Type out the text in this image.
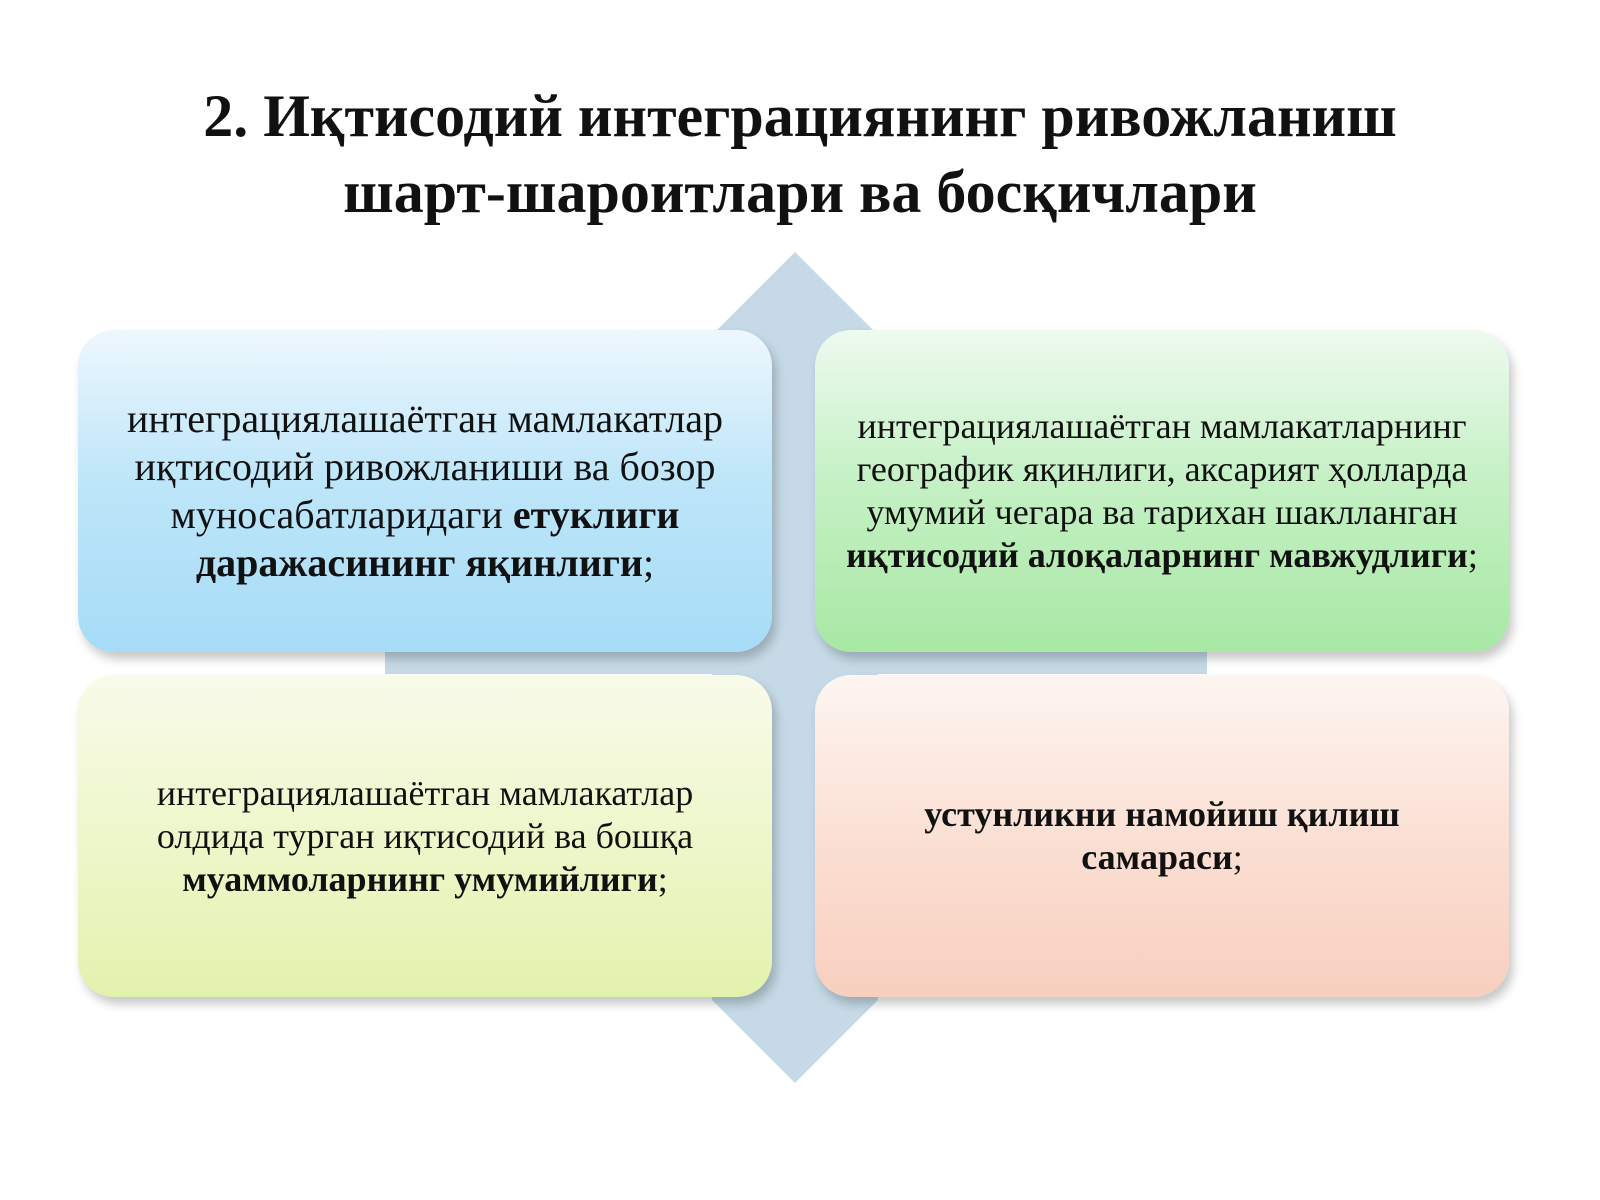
2. Иқтисодий интеграциянинг ривожланиш
шарт-шароитлари ва босқичлари
интеграциялашаётган мамлакатлар иқтисодий ривожланиши ва бозор муносабатларидаги етуклиги даражасининг яқинлиги;
интеграциялашаётган мамлакатларнинг географик яқинлиги, аксарият ҳолларда умумий чегара ва тарихан шаклланган иқтисодий алоқаларнинг мавжудлиги;
интеграциялашаётган мамлакатлар олдида турган иқтисодий ва бошқа муаммоларнинг умумийлиги;
устунликни намойиш қилиш самараси;
